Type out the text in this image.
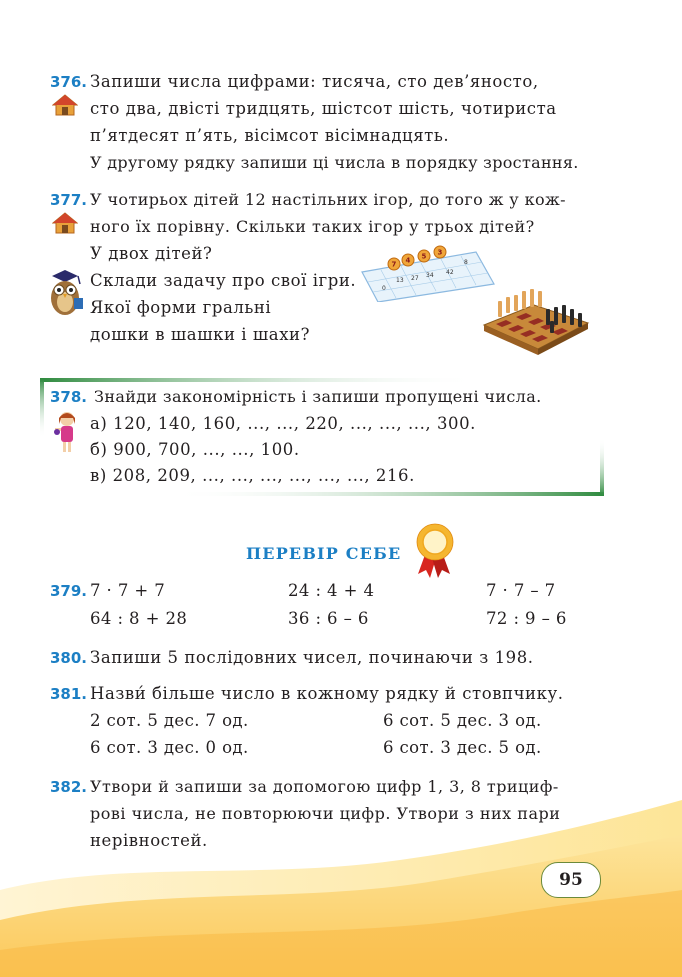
376. Запиши числа цифрами: тисяча, сто дев’яносто,
сто два, двісті тридцять, шістсот шість, чотириста
п’ятдесят п’ять, вісімсот вісімнадцять.
У другому рядку запиши ці числа в порядку зростання.
377. У чотирьох дітей 12 настільних ігор, до того ж у кож-
ного їх порівну. Скільки таких ігор у трьох дітей?
У двох дітей?
Склади задачу про свої ігри.
Якої форми гральні
дошки в шашки і шахи?
13 27 34 42
7 4 5 3
0
8
378. Знайди закономірність і запиши пропущені числа.
а) 120, 140, 160, ..., ..., 220, ..., ..., ..., 300.
б) 900, 700, ..., ..., 100.
в) 208, 209, ..., ..., ..., ..., ..., ..., 216.
ПЕРЕВІР СЕБЕ
379. 7 · 7 + 7	24 : 4 + 4	7 · 7 – 7
64 : 8 + 28	36 : 6 – 6	72 : 9 – 6
380. Запиши 5 послідовних чисел, починаючи з 198.
381. Назви́ більше число в кожному рядку й стовпчику.
2 сот. 5 дес. 7 од.	6 сот. 5 дес. 3 од.
6 сот. 3 дес. 0 од.	6 сот. 3 дес. 5 од.
382. Утвори й запиши за допомогою цифр 1, 3, 8 трициф-
рові числа, не повторюючи цифр. Утвори з них пари
нерівностей.
95
